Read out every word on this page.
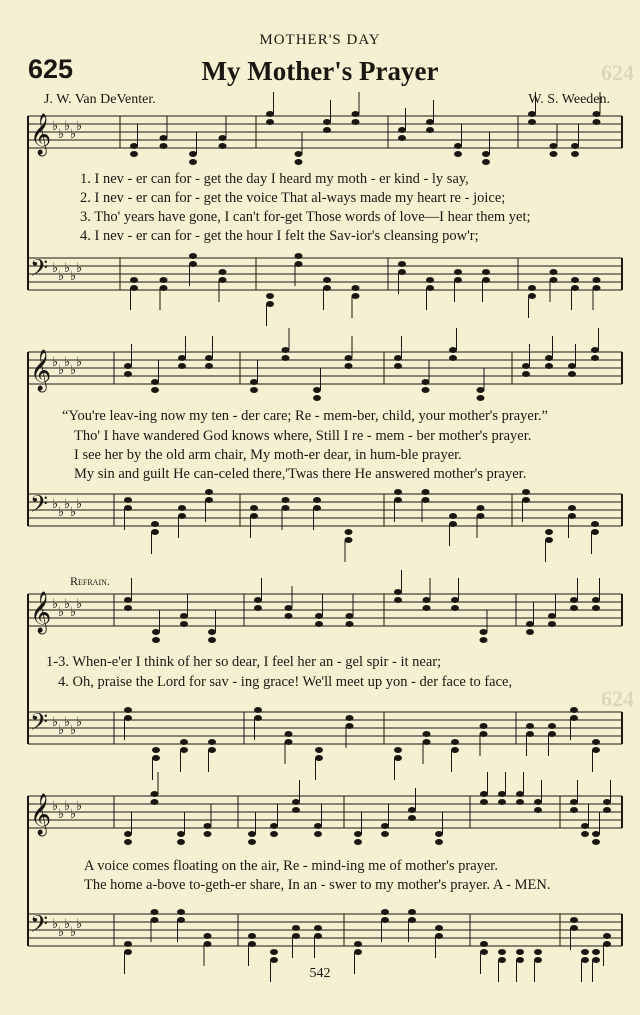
𝄞 ♭
♭
♭
♭
♭
𝄢 ♭
♭
♭
♭
♭
𝄞 ♭
♭
♭
♭
♭
𝄢 ♭
♭
♭
♭
♭
𝄞 ♭
♭
♭
♭
♭
𝄢 ♭
♭
♭
♭
♭
𝄞 ♭
♭
♭
♭
♭
𝄢 ♭
♭
♭
♭
♭
MOTHER'S DAY
625	My Mother's Prayer
J. W. Van DeVenter.	W. S. Weeden.
624
624
1. I nev - er can for - get the day I heard my moth - er kind - ly say,
2. I nev - er can for - get the voice That al-ways made my heart re - joice;
3. Tho' years have gone, I can't for-get Those words of love—I hear them yet;
4. I nev - er can for - get the hour I felt the Sav-ior's cleansing pow'r;
“You're leav-ing now my ten - der care; Re - mem-ber, child, your mother's prayer.”
Tho' I have wandered God knows where, Still I re - mem - ber mother's prayer.
I see her by the old arm chair, My moth-er dear, in hum-ble prayer.
My sin and guilt He can-celed there,'Twas there He answered mother's prayer.
Refrain.
1-3. When-e'er I think of her so dear, I feel her an - gel spir - it near;
4. Oh, praise the Lord for sav - ing grace! We'll meet up yon - der face to face,
A voice comes floating on the air, Re - mind-ing me of mother's prayer.
The home a-bove to-geth-er share, In an - swer to my mother's prayer. A - MEN.
542
